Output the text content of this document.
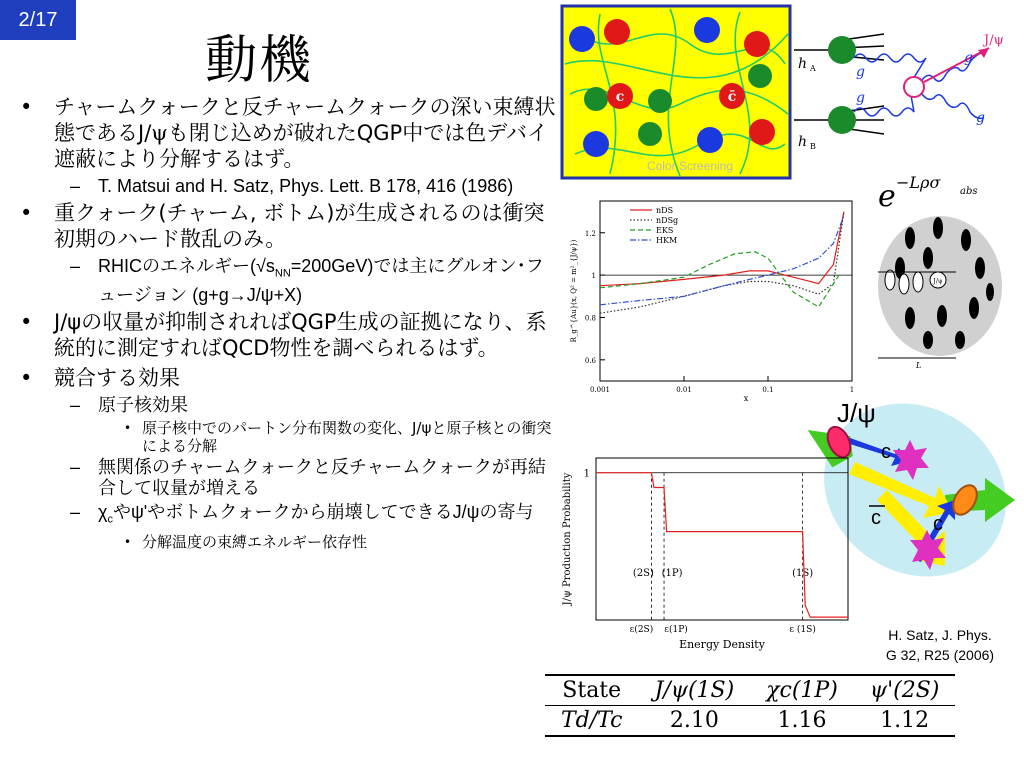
2/17
動機
• チャームクォークと反チャームクォークの深い束縛状態であるJ/ψも閉じ込めが破れたQGP中では色デバイ遮蔽により分解するはず。
– T. Matsui and H. Satz, Phys. Lett. B 178, 416 (1986)
• 重クォーク(チャーム, ボトム)が生成されるのは衝突初期のハード散乱のみ。
– RHICのエネルギー$(√s_{NN}=200GeV)$では主にグルオン･フュージョン (g+g→J/ψ+X)
• J/ψの収量が抑制されればQGP生成の証拠になり、系統的に測定すればQCD物性を調べられるはず。
• 競合する効果
– 原子核効果
• 原子核中でのパートン分布関数の変化、J/ψと原子核との衝突による分解
– 無関係のチャームクォークと反チャームクォークが再結合して収量が増える
– $\chi_c$やψ'やボトムクォークから崩壊してできるJ/ψの寄与
• 分解温度の束縛エネルギー依存性
c	c̄
Color Screening
J/ψ
h A
h B
g
g
g
g
e −Lρσ abs
J/ψ
L
0.001	0.01	0.1	1
0.6
0.8
1
1.2
x
R_g^{Au}(x, Q² = m²_{J/ψ})
nDS
nDSg
EKS
HKM
J/ψ
c
c	c
1
(2S)
ε(2S)
(1P)
ε(1P)
(1S)
ε (1S)
Energy Density
J/ψ Production Probability
H. Satz, J. Phys.
G 32, R25 (2006)
State	J/ψ(1S)	χc(1P)	ψ'(2S)
Td/Tc	2.10	1.16	1.12
